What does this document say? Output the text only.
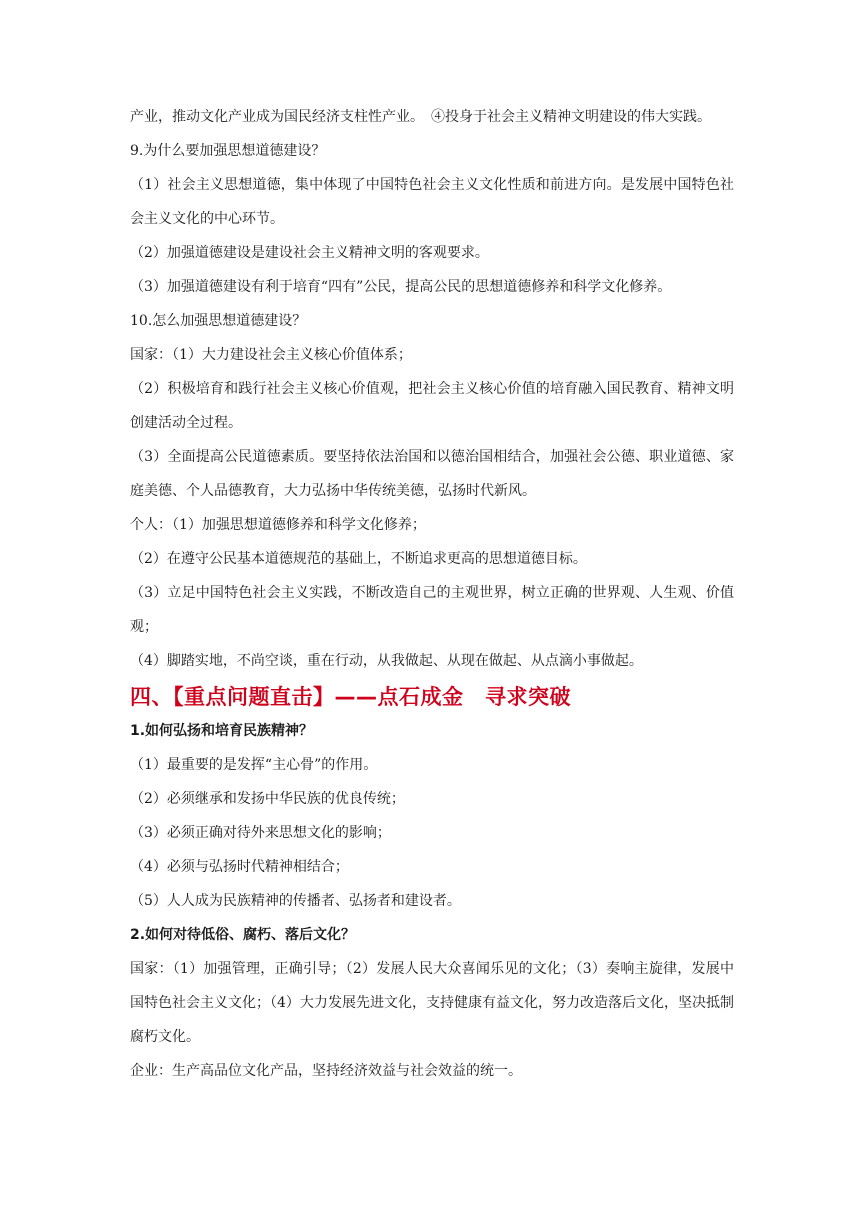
产业，推动文化产业成为国民经济支柱性产业。　④投身于社会主义精神文明建设的伟大实践。

9.为什么要加强思想道德建设？

（1）社会主义思想道德，集中体现了中国特色社会主义文化性质和前进方向。是发展中国特色社会主义文化的中心环节。

（2）加强道德建设是建设社会主义精神文明的客观要求。

（3）加强道德建设有利于培育“四有”公民，提高公民的思想道德修养和科学文化修养。

10.怎么加强思想道德建设？

国家：（1）大力建设社会主义核心价值体系；

（2）积极培育和践行社会主义核心价值观，把社会主义核心价值的培育融入国民教育、精神文明创建活动全过程。

（3）全面提高公民道德素质。要坚持依法治国和以德治国相结合，加强社会公德、职业道德、家庭美德、个人品德教育，大力弘扬中华传统美德，弘扬时代新风。

个人：（1）加强思想道德修养和科学文化修养；

（2）在遵守公民基本道德规范的基础上，不断追求更高的思想道德目标。

（3）立足中国特色社会主义实践，不断改造自己的主观世界，树立正确的世界观、人生观、价值观；

（4）脚踏实地，不尚空谈，重在行动，从我做起、从现在做起、从点滴小事做起。

四、【重点问题直击】——点石成金　寻求突破

1.如何弘扬和培育民族精神？

（1）最重要的是发挥“主心骨”的作用。

（2）必须继承和发扬中华民族的优良传统；

（3）必须正确对待外来思想文化的影响；

（4）必须与弘扬时代精神相结合；

（5）人人成为民族精神的传播者、弘扬者和建设者。

2.如何对待低俗、腐朽、落后文化？

国家：（1）加强管理，正确引导；（2）发展人民大众喜闻乐见的文化；（3）奏响主旋律，发展中国特色社会主义文化；（4）大力发展先进文化，支持健康有益文化，努力改造落后文化，坚决抵制腐朽文化。

企业：生产高品位文化产品，坚持经济效益与社会效益的统一。
